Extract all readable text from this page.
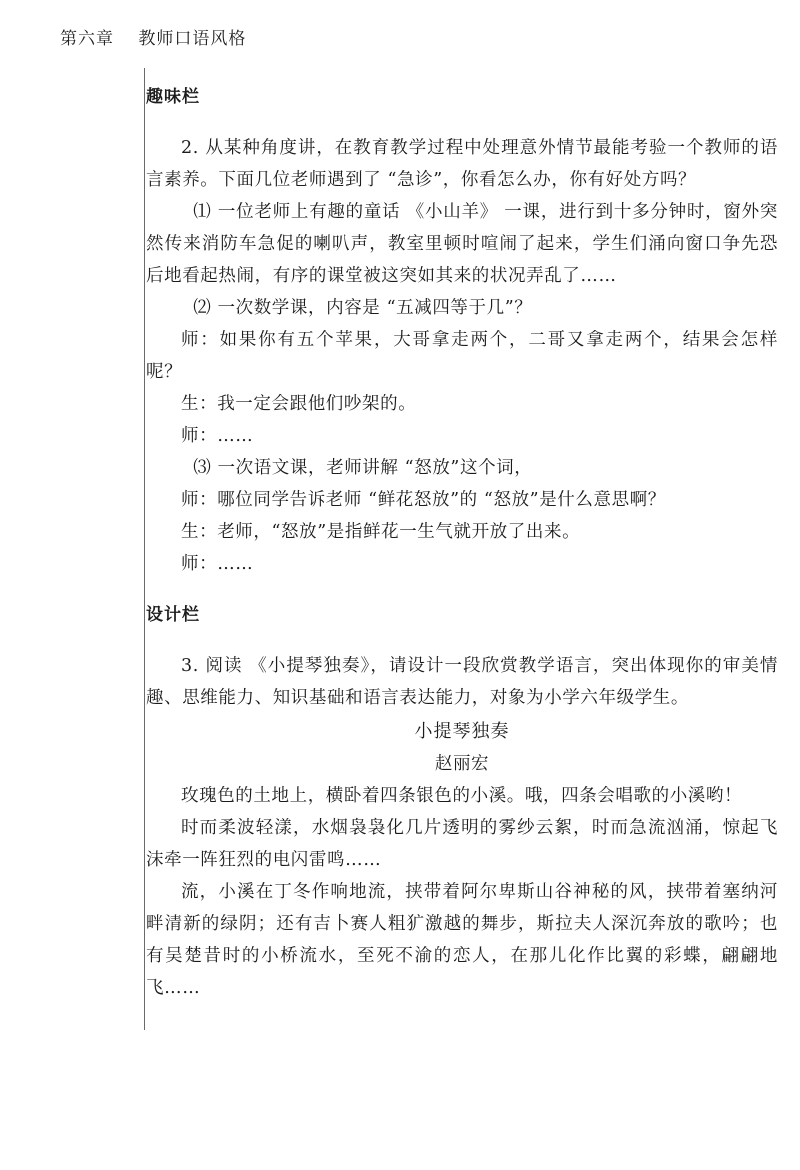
第六章 教师口语风格
趣味栏

2. 从某种角度讲，在教育教学过程中处理意外情节最能考验一个教师的语言素养。下面几位老师遇到了 “急诊”，你看怎么办，你有好处方吗？

⑴ 一位老师上有趣的童话 《小山羊》 一课，进行到十多分钟时，窗外突然传来消防车急促的喇叭声，教室里顿时喧闹了起来，学生们涌向窗口争先恐后地看起热闹，有序的课堂被这突如其来的状况弄乱了……

⑵ 一次数学课，内容是 “五减四等于几”？

师：如果你有五个苹果，大哥拿走两个，二哥又拿走两个，结果会怎样呢？

生：我一定会跟他们吵架的。

师：……

⑶ 一次语文课，老师讲解 “怒放”这个词，

师：哪位同学告诉老师 “鲜花怒放”的 “怒放”是什么意思啊？

生：老师，“怒放”是指鲜花一生气就开放了出来。

师：……

设计栏

3. 阅读 《小提琴独奏》，请设计一段欣赏教学语言，突出体现你的审美情趣、思维能力、知识基础和语言表达能力，对象为小学六年级学生。

小提琴独奏

赵丽宏

玫瑰色的土地上，横卧着四条银色的小溪。哦，四条会唱歌的小溪哟！

时而柔波轻漾，水烟袅袅化几片透明的雾纱云絮，时而急流汹涌，惊起飞沫牵一阵狂烈的电闪雷鸣……

流，小溪在丁冬作响地流，挟带着阿尔卑斯山谷神秘的风，挟带着塞纳河畔清新的绿阴；还有吉卜赛人粗犷激越的舞步，斯拉夫人深沉奔放的歌吟；也有吴楚昔时的小桥流水，至死不渝的恋人，在那儿化作比翼的彩蝶，翩翩地飞……
